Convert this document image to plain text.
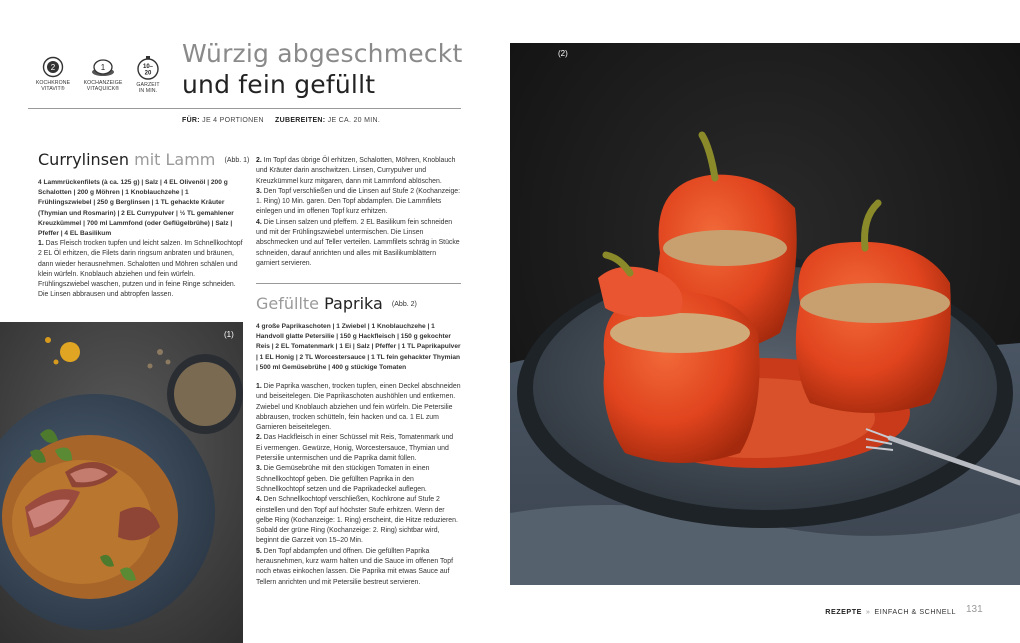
2
KOCHKRONE
VITAVIT®
1
KOCHANZEIGE
VITAQUICK®
10–
20
GARZEIT
IN MIN.
Würzig abgeschmeckt
und fein gefüllt
FÜR: JE 4 PORTIONEN ZUBEREITEN: JE CA. 20 MIN.
Currylinsen mit Lamm (Abb. 1)
4 Lammrückenfilets (à ca. 125 g) | Salz | 4 EL Olivenöl | 200 g Schalotten | 200 g Möhren | 1 Knoblauchzehe | 1 Frühlingszwiebel | 250 g Berglinsen | 1 TL gehackte Kräuter (Thymian und Rosmarin) | 2 EL Currypulver | ½ TL gemahlener Kreuzkümmel | 700 ml Lammfond (oder Geflügelbrühe) | Salz | Pfeffer | 4 EL Basilikum
1. Das Fleisch trocken tupfen und leicht salzen. Im Schnellkochtopf 2 EL Öl erhitzen, die Filets darin ringsum anbraten und bräunen, dann wieder herausnehmen. Schalotten und Möhren schälen und klein würfeln. Knoblauch abziehen und fein würfeln. Frühlingszwiebel waschen, putzen und in feine Ringe schneiden. Die Linsen abbrausen und abtropfen lassen.

2. Im Topf das übrige Öl erhitzen, Schalotten, Möhren, Knoblauch und Kräuter darin anschwitzen. Linsen, Currypulver und Kreuzkümmel kurz mitgaren, dann mit Lammfond ablöschen.

3. Den Topf verschließen und die Linsen auf Stufe 2 (Kochanzeige: 1. Ring) 10 Min. garen. Den Topf abdampfen. Die Lammfilets einlegen und im offenen Topf kurz erhitzen.

4. Die Linsen salzen und pfeffern. 2 EL Basilikum fein schneiden und mit der Frühlingszwiebel untermischen. Die Linsen abschmecken und auf Teller verteilen. Lammfilets schräg in Stücke schneiden, darauf anrichten und alles mit Basilikumblättern garniert servieren.

Gefüllte Paprika (Abb. 2)
4 große Paprikaschoten | 1 Zwiebel | 1 Knoblauchzehe | 1 Handvoll glatte Petersilie | 150 g Hackfleisch | 150 g gekochter Reis | 2 EL Tomatenmark | 1 Ei | Salz | Pfeffer | 1 TL Paprikapulver | 1 EL Honig | 2 TL Worcestersauce | 1 TL fein gehackter Thymian | 500 ml Gemüsebrühe | 400 g stückige Tomaten

1. Die Paprika waschen, trocken tupfen, einen Deckel abschneiden und beiseitelegen. Die Paprikaschoten aushöhlen und entkernen. Zwiebel und Knoblauch abziehen und fein würfeln. Die Petersilie abbrausen, trocken schütteln, fein hacken und ca. 1 EL zum Garnieren beiseitelegen.

2. Das Hackfleisch in einer Schüssel mit Reis, Tomatenmark und Ei vermengen. Gewürze, Honig, Worcestersauce, Thymian und Petersilie untermischen und die Paprika damit füllen.

3. Die Gemüsebrühe mit den stückigen Tomaten in einen Schnellkochtopf geben. Die gefüllten Paprika in den Schnellkochtopf setzen und die Paprikadeckel auflegen.

4. Den Schnellkochtopf verschließen, Kochkrone auf Stufe 2 einstellen und den Topf auf höchster Stufe erhitzen. Wenn der gelbe Ring (Kochanzeige: 1. Ring) erscheint, die Hitze reduzieren. Sobald der grüne Ring (Kochanzeige: 2. Ring) sichtbar wird, beginnt die Garzeit von 15–20 Min.

5. Den Topf abdampfen und öffnen. Die gefüllten Paprika herausnehmen, kurz warm halten und die Sauce im offenen Topf noch etwas einkochen lassen. Die Paprika mit etwas Sauce auf Tellern anrichten und mit Petersilie bestreut servieren.

(1)
(2)
REZEPTE » EINFACH & SCHNELL 131
